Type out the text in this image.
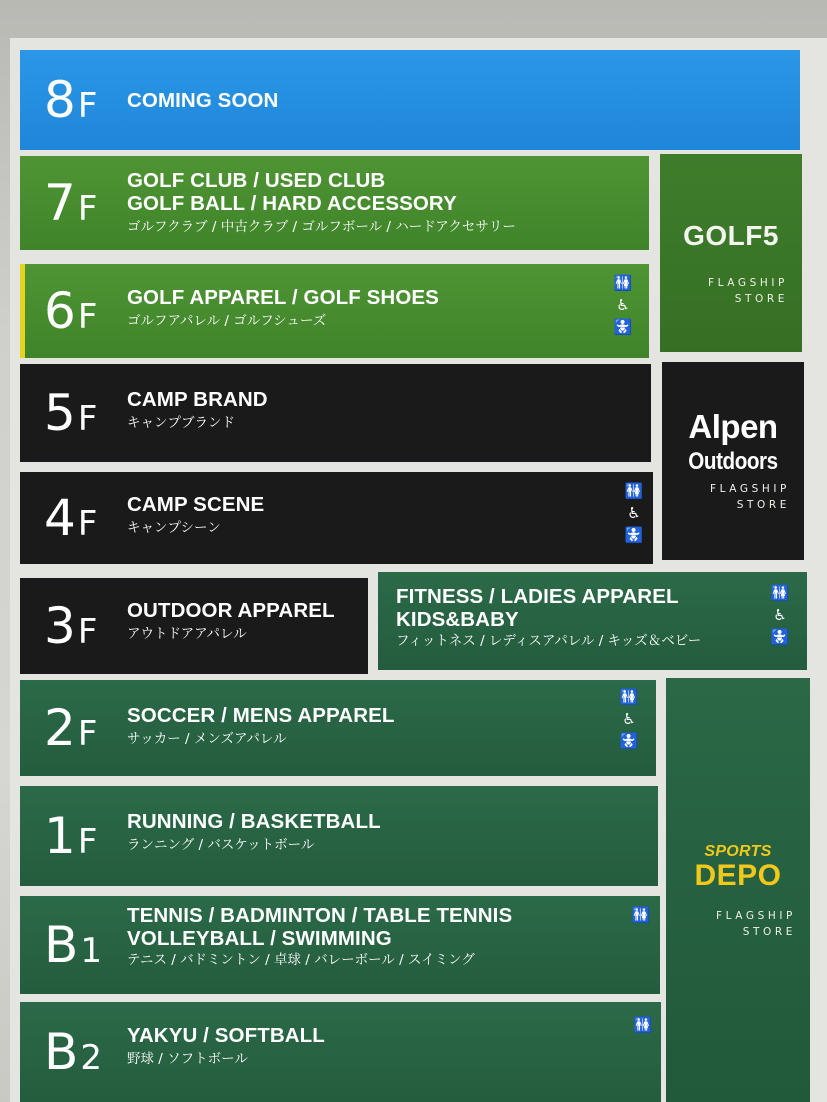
8F COMING SOON
7F
GOLF CLUB / USED CLUB
GOLF BALL / HARD ACCESSORY
ゴルフクラブ / 中古クラブ / ゴルフボール / ハードアクセサリー
6F GOLF APPAREL / GOLF SHOES
ゴルフアパレル / ゴルフシューズ
🚻
♿
🚼
GOLF5
FLAGSHIP
STORE
5F CAMP BRAND
キャンプブランド
4F CAMP SCENE
キャンプシーン
🚻
♿
🚼
Alpen
Outdoors
FLAGSHIP
STORE
3F
OUTDOOR APPAREL
アウトドアアパレル
FITNESS / LADIES APPAREL
KIDS&BABY
フィットネス / レディスアパレル / キッズ＆ベビー
🚻
♿
🚼
2F SOCCER / MENS APPAREL
サッカー / メンズアパレル
🚻
♿
🚼
1F
RUNNING / BASKETBALL
ランニング / バスケットボール
B1
TENNIS / BADMINTON / TABLE TENNIS
VOLLEYBALL / SWIMMING
テニス / バドミントン / 卓球 / バレーボール / スイミング
🚻
B2
YAKYU / SOFTBALL
野球 / ソフトボール
🚻
SPORTS
DEPO
FLAGSHIP
STORE
